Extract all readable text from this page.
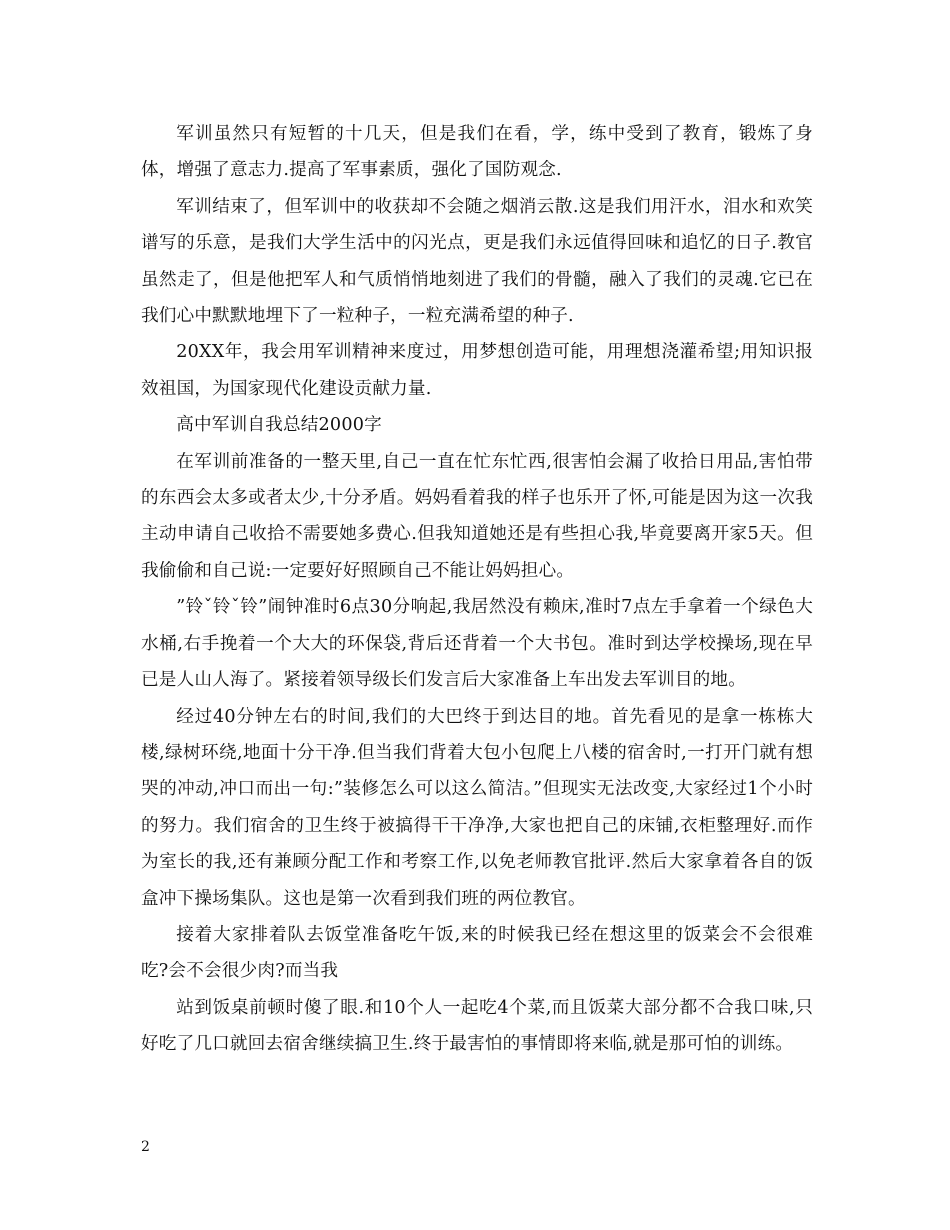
军训虽然只有短暂的十几天，但是我们在看，学，练中受到了教育，锻炼了身体，增强了意志力.提高了军事素质，强化了国防观念.

军训结束了，但军训中的收获却不会随之烟消云散.这是我们用汗水，泪水和欢笑谱写的乐意，是我们大学生活中的闪光点，更是我们永远值得回味和追忆的日子.教官虽然走了，但是他把军人和气质悄悄地刻进了我们的骨髓，融入了我们的灵魂.它已在我们心中默默地埋下了一粒种子，一粒充满希望的种子.

20XX年，我会用军训精神来度过，用梦想创造可能，用理想浇灌希望;用知识报效祖国，为国家现代化建设贡献力量.

高中军训自我总结2000字

在军训前准备的一整天里,自己一直在忙东忙西,很害怕会漏了收拾日用品,害怕带的东西会太多或者太少,十分矛盾。妈妈看着我的样子也乐开了怀,可能是因为这一次我主动申请自己收拾不需要她多费心.但我知道她还是有些担心我,毕竟要离开家5天。但我偷偷和自己说:一定要好好照顾自己不能让妈妈担心。

”铃ˇ铃ˇ铃”闹钟准时6点30分响起,我居然没有赖床,准时7点左手拿着一个绿色大水桶,右手挽着一个大大的环保袋,背后还背着一个大书包。准时到达学校操场,现在早已是人山人海了。紧接着领导级长们发言后大家准备上车出发去军训目的地。

经过40分钟左右的时间,我们的大巴终于到达目的地。首先看见的是拿一栋栋大楼,绿树环绕,地面十分干净.但当我们背着大包小包爬上八楼的宿舍时,一打开门就有想哭的冲动,冲口而出一句:”装修怎么可以这么简洁。”但现实无法改变,大家经过1个小时的努力。我们宿舍的卫生终于被搞得干干净净,大家也把自己的床铺,衣柜整理好.而作为室长的我,还有兼顾分配工作和考察工作,以免老师教官批评.然后大家拿着各自的饭盒冲下操场集队。这也是第一次看到我们班的两位教官。

接着大家排着队去饭堂准备吃午饭,来的时候我已经在想这里的饭菜会不会很难吃?会不会很少肉?而当我

站到饭桌前顿时傻了眼.和10个人一起吃4个菜,而且饭菜大部分都不合我口味,只好吃了几口就回去宿舍继续搞卫生.终于最害怕的事情即将来临,就是那可怕的训练。

2
